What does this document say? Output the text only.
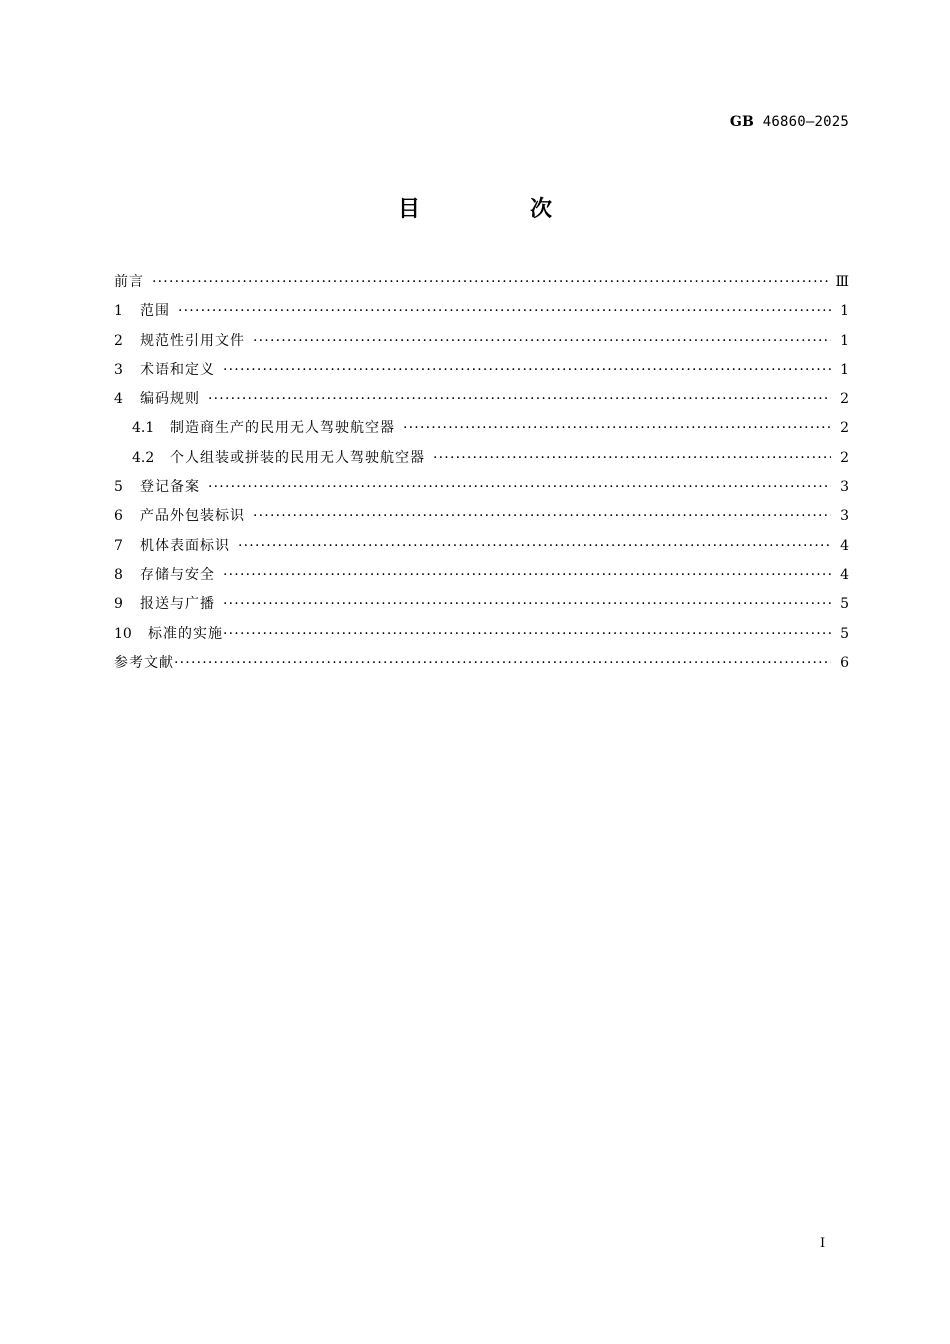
GB 46860—2025
目　次
前言 ·····	Ⅲ
1	范围 ·····	1
2	规范性引用文件 ·····	1
3	术语和定义 ·····	1
4	编码规则 ·····	2
4.1	制造商生产的民用无人驾驶航空器 ·····	2
4.2	个人组装或拼装的民用无人驾驶航空器 ·····	2
5	登记备案 ·····	3
6	产品外包装标识 ·····	3
7	机体表面标识 ·····	4
8	存储与安全 ·····	4
9	报送与广播 ·····	5
10	标准的实施 ·····	5
参考文献 ·····	6
I
